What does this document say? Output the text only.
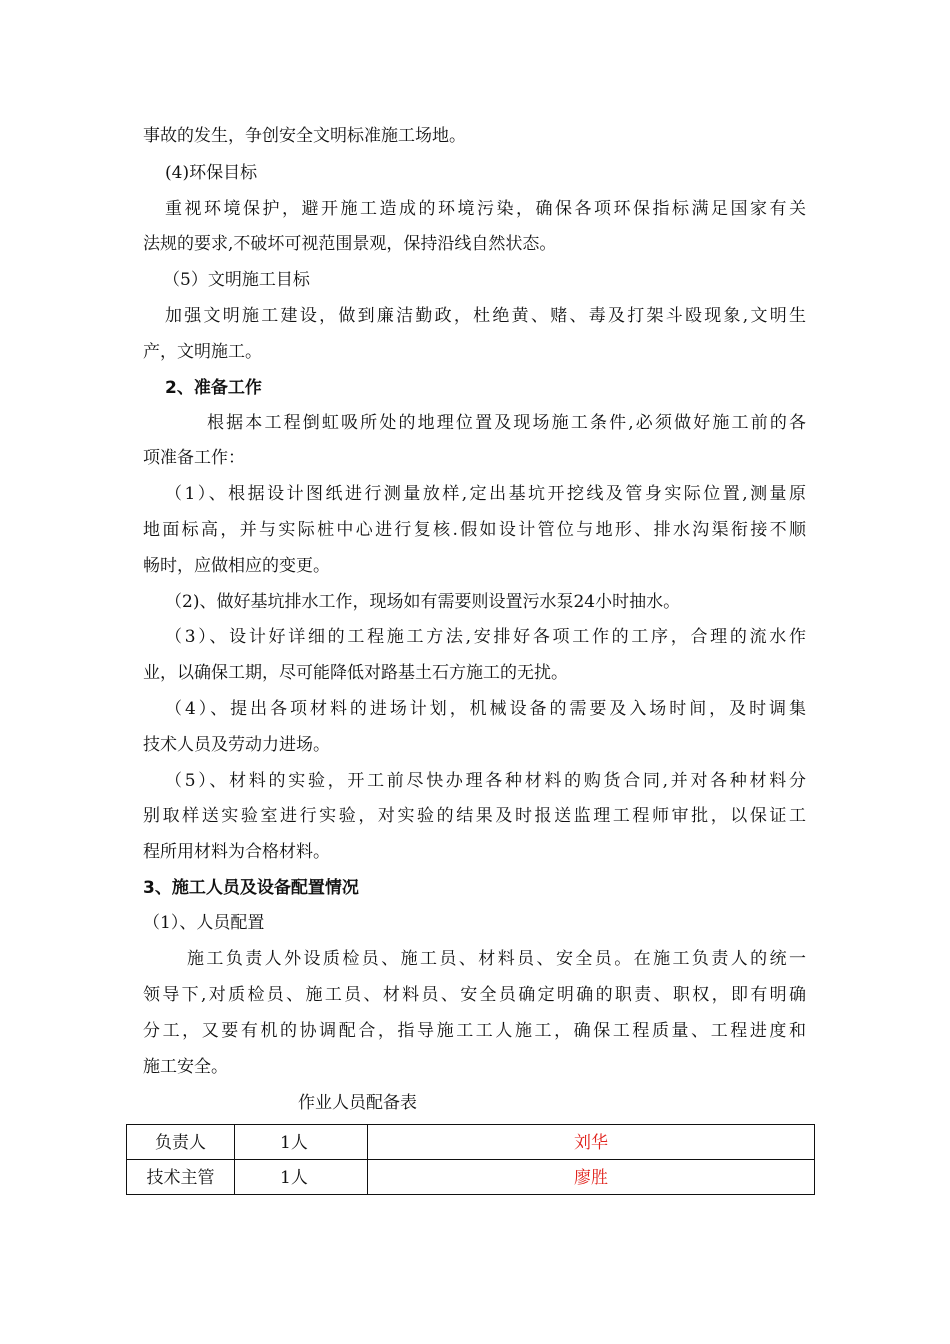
事故的发生，争创安全文明标准施工场地。
(4)环保目标
重视环境保护，避开施工造成的环境污染，确保各项环保指标满足国家有关
法规的要求,不破坏可视范围景观，保持沿线自然状态。
（5）文明施工目标
加强文明施工建设，做到廉洁勤政，杜绝黄、赌、毒及打架斗殴现象,文明生
产，文明施工。
2、准备工作
根据本工程倒虹吸所处的地理位置及现场施工条件,必须做好施工前的各
项准备工作：
（1）、根据设计图纸进行测量放样,定出基坑开挖线及管身实际位置,测量原
地面标高，并与实际桩中心进行复核.假如设计管位与地形、排水沟渠衔接不顺
畅时，应做相应的变更。
（2)、做好基坑排水工作，现场如有需要则设置污水泵24小时抽水。
（3）、设计好详细的工程施工方法,安排好各项工作的工序，合理的流水作
业，以确保工期，尽可能降低对路基土石方施工的无扰。
（4）、提出各项材料的进场计划，机械设备的需要及入场时间，及时调集
技术人员及劳动力进场。
（5）、材料的实验，开工前尽快办理各种材料的购货合同,并对各种材料分
别取样送实验室进行实验，对实验的结果及时报送监理工程师审批，以保证工
程所用材料为合格材料。
3、施工人员及设备配置情况
（1）、人员配置
施工负责人外设质检员、施工员、材料员、安全员。在施工负责人的统一
领导下,对质检员、施工员、材料员、安全员确定明确的职责、职权，即有明确
分工，又要有机的协调配合，指导施工工人施工，确保工程质量、工程进度和
施工安全。
作业人员配备表
负责人	1人	刘华
技术主管	1人	廖胜
